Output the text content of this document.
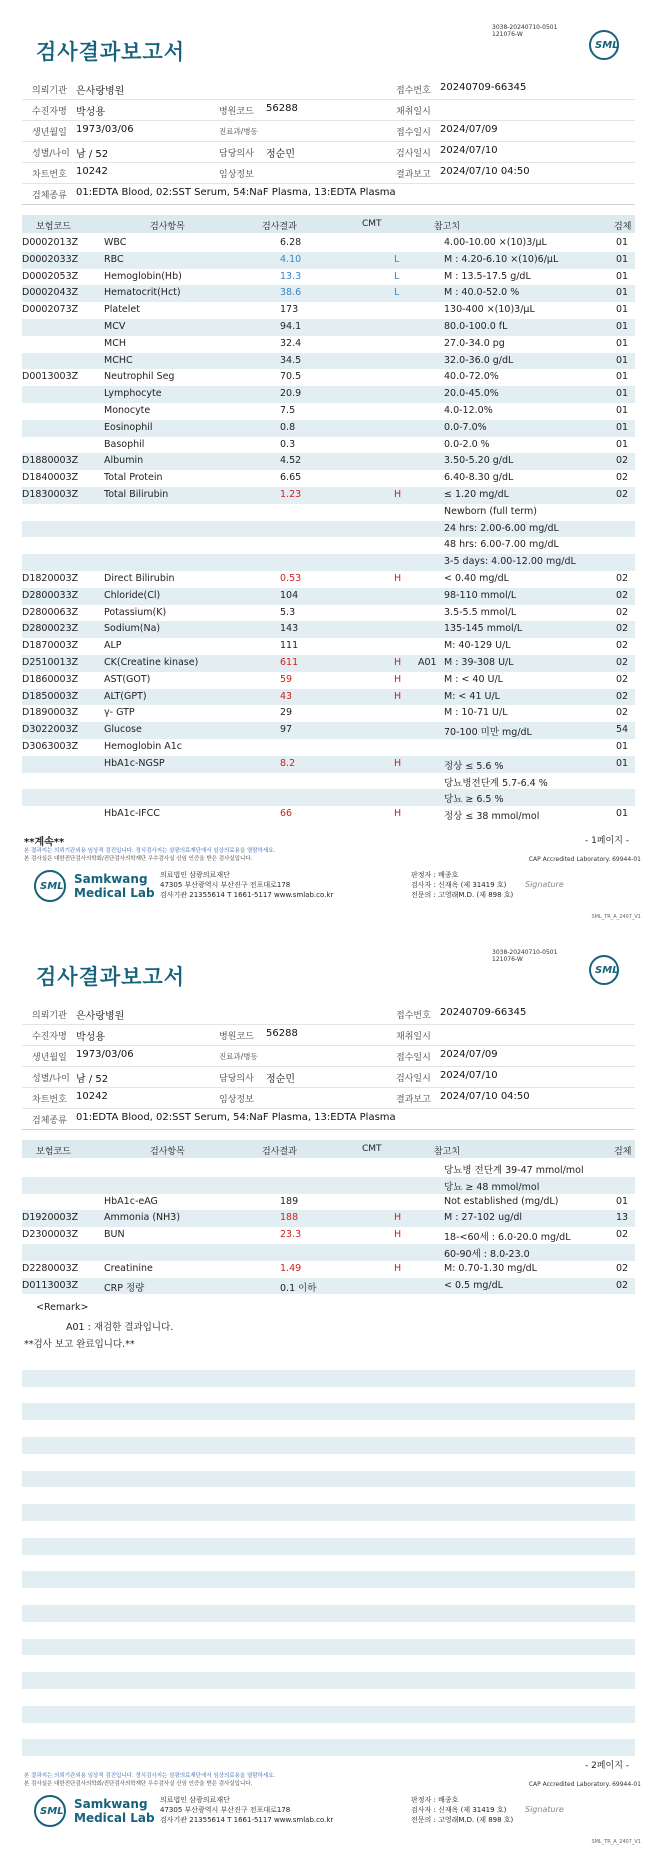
3038-20240710-0501
121076-W
검사결과보고서	SML
의뢰기관 은사랑병원	접수번호 20240709-66345
수진자명 박성용	병원코드 56288	채취일시
생년월일 1973/03/06	진료과/병동	접수일시 2024/07/09
성별/나이 남 / 52	담당의사 정순민	검사일시 2024/07/10
차트번호 10242	임상정보	결과보고 2024/07/10 04:50
검체종류 01:EDTA Blood, 02:SST Serum, 54:NaF Plasma, 13:EDTA Plasma
보험코드	검사항목	검사결과	CMT	참고치	검체
D0002013Z	WBC	6.28	4.00-10.00 ×(10)3/μL	01
D0002033Z	RBC	4.10	L	M : 4.20-6.10 ×(10)6/μL	01
D0002053Z	Hemoglobin(Hb)	13.3	L	M : 13.5-17.5 g/dL	01
D0002043Z	Hematocrit(Hct)	38.6	L	M : 40.0-52.0 %	01
D0002073Z	Platelet	173	130-400 ×(10)3/μL	01
MCV	94.1	80.0-100.0 fL	01
MCH	32.4	27.0-34.0 pg	01
MCHC	34.5	32.0-36.0 g/dL	01
D0013003Z	Neutrophil Seg	70.5	40.0-72.0%	01
Lymphocyte	20.9	20.0-45.0%	01
Monocyte	7.5	4.0-12.0%	01
Eosinophil	0.8	0.0-7.0%	01
Basophil	0.3	0.0-2.0 %	01
D1880003Z	Albumin	4.52	3.50-5.20 g/dL	02
D1840003Z	Total Protein	6.65	6.40-8.30 g/dL	02
D1830003Z	Total Bilirubin	1.23	H	≤ 1.20 mg/dL	02
Newborn (full term)
24 hrs: 2.00-6.00 mg/dL
48 hrs: 6.00-7.00 mg/dL
3-5 days: 4.00-12.00 mg/dL
D1820003Z	Direct Bilirubin	0.53	H	< 0.40 mg/dL	02
D2800033Z	Chloride(Cl)	104	98-110 mmol/L	02
D2800063Z	Potassium(K)	5.3	3.5-5.5 mmol/L	02
D2800023Z	Sodium(Na)	143	135-145 mmol/L	02
D1870003Z	ALP	111	M: 40-129 U/L	02
D2510013Z	CK(Creatine kinase)	611	H A01 M : 39-308 U/L	02
D1860003Z	AST(GOT)	59	H	M : < 40 U/L	02
D1850003Z	ALT(GPT)	43	H	M: < 41 U/L	02
D1890003Z	γ- GTP	29	M : 10-71 U/L	02
D3022003Z	Glucose	97	70-100 미만 mg/dL	54
D3063003Z	Hemoglobin A1c	01
HbA1c-NGSP	8.2	H	정상 ≤ 5.6 %	01
당뇨병전단계 5.7-6.4 %
당뇨 ≥ 6.5 %
HbA1c-IFCC	66	H	정상 ≤ 38 mmol/mol	01
**계속**	- 1페이지 -
본 결과지는 의뢰기관외용 임상적 검진입니다. 정식검사지는 삼광의료재단에서 임상의료용을 열람하세요.
본 검사실은 대한진단검사의학회/진단검사의학재단 우수검사실 신임 인증을 받은 검사실입니다.	CAP Accredited Laboratory. 69944-01
SML
Samkwang
Medical Lab
의료법인 삼광의료재단
47305 부산광역시 부산진구 전포대로178
검사기관 21355614 T 1661-5117 www.smlab.co.kr
판정자 : 배종호
검사자 : 신재옥 (제 31419 호)
전문의 : 고영래M.D. (제 898 호)
Signature
SML_TR_A_2407_V1
3038-20240710-0501
121076-W
검사결과보고서	SML
의뢰기관 은사랑병원	접수번호 20240709-66345
수진자명 박성용	병원코드 56288	채취일시
생년월일 1973/03/06	진료과/병동	접수일시 2024/07/09
성별/나이 남 / 52	담당의사 정순민	검사일시 2024/07/10
차트번호 10242	임상정보	결과보고 2024/07/10 04:50
검체종류 01:EDTA Blood, 02:SST Serum, 54:NaF Plasma, 13:EDTA Plasma
보험코드	검사항목	검사결과	CMT	참고치	검체
당뇨병 전단계 39-47 mmol/mol
당뇨 ≥ 48 mmol/mol
HbA1c-eAG	189	Not established (mg/dL)	01
D1920003Z	Ammonia (NH3)	188	H	M : 27-102 ug/dl	13
D2300003Z	BUN	23.3	H	18-<60세 : 6.0-20.0 mg/dL	02
60-90세 : 8.0-23.0
D2280003Z	Creatinine	1.49	H	M: 0.70-1.30 mg/dL	02
D0113003Z	CRP 정량	0.1 이하	< 0.5 mg/dL	02
<Remark>
A01 : 재검한 결과입니다.
**검사 보고 완료입니다.**
- 2페이지 -
본 결과지는 의뢰기관외용 임상적 검진입니다. 정식검사지는 삼광의료재단에서 임상의료용을 열람하세요.
본 검사실은 대한진단검사의학회/진단검사의학재단 우수검사실 신임 인증을 받은 검사실입니다.	CAP Accredited Laboratory. 69944-01
SML
Samkwang
Medical Lab
의료법인 삼광의료재단
47305 부산광역시 부산진구 전포대로178
검사기관 21355614 T 1661-5117 www.smlab.co.kr
판정자 : 배종호
검사자 : 신재옥 (제 31419 호)
전문의 : 고영래M.D. (제 898 호)
Signature
SML_TR_A_2407_V1
